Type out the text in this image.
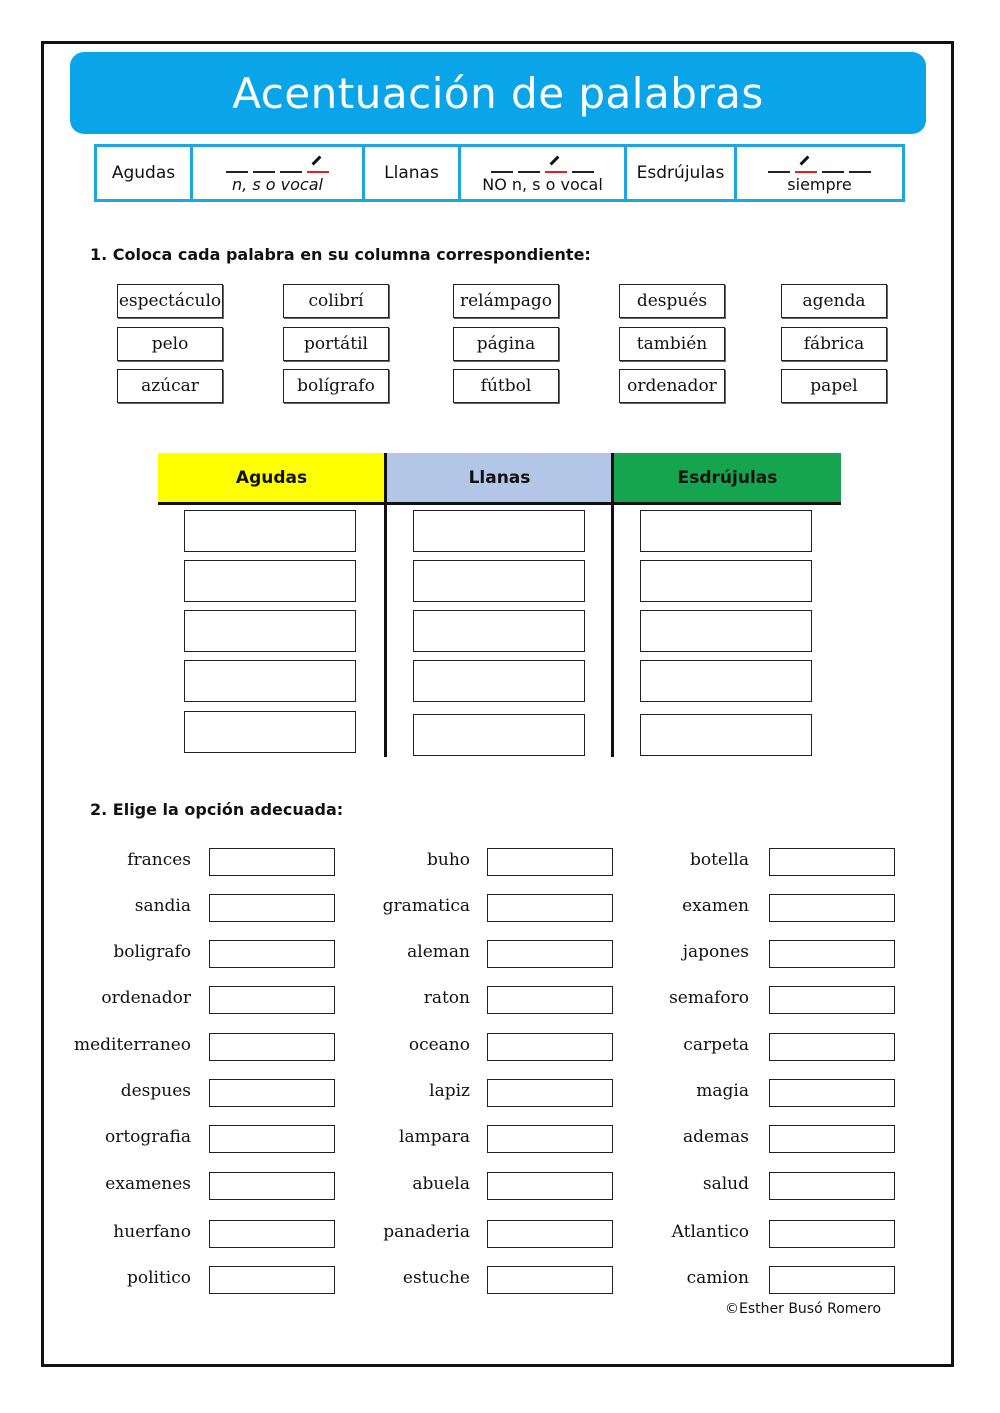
Acentuación de palabras
Agudas
n, s o vocal
Llanas
NO n, s o vocal
Esdrújulas
siempre
1. Coloca cada palabra en su columna correspondiente:
espectáculo	colibrí	relámpago	después	agenda
pelo	portátil	página	también	fábrica
azúcar	bolígrafo	fútbol	ordenador	papel
Agudas	Llanas	Esdrújulas
2. Elige la opción adecuada:
frances
sandia
boligrafo
ordenador
mediterraneo
despues
ortografia
examenes
huerfano
politico
buho
gramatica
aleman
raton
oceano
lapiz
lampara
abuela
panaderia
estuche
botella
examen
japones
semaforo
carpeta
magia
ademas
salud
Atlantico
camion
©Esther Busó Romero
